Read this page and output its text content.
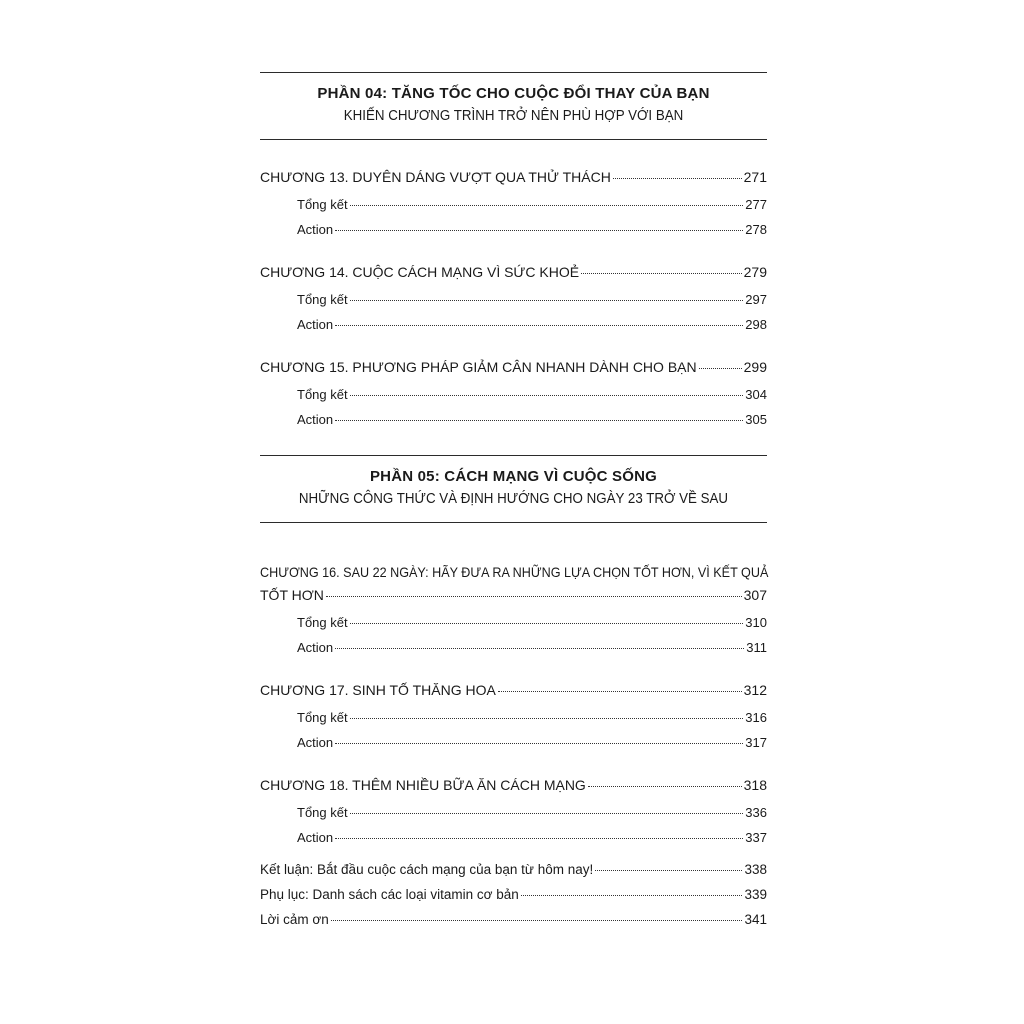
PHẦN 04: TĂNG TỐC CHO CUỘC ĐỔI THAY CỦA BẠN
KHIẾN CHƯƠNG TRÌNH TRỞ NÊN PHÙ HỢP VỚI BẠN
CHƯƠNG 13. DUYÊN DÁNG VƯỢT QUA THỬ THÁCH	271
Tổng kết	277
Action	278
CHƯƠNG 14. CUỘC CÁCH MẠNG VÌ SỨC KHOẺ	279
Tổng kết	297
Action	298
CHƯƠNG 15. PHƯƠNG PHÁP GIẢM CÂN NHANH DÀNH CHO BẠN	299
Tổng kết	304
Action	305
PHẦN 05: CÁCH MẠNG VÌ CUỘC SỐNG
NHỮNG CÔNG THỨC VÀ ĐỊNH HƯỚNG CHO NGÀY 23 TRỞ VỀ SAU
CHƯƠNG 16. SAU 22 NGÀY: HÃY ĐƯA RA NHỮNG LỰA CHỌN TỐT HƠN, VÌ KẾT QUẢ
TỐT HƠN	307
Tổng kết	310
Action	311
CHƯƠNG 17. SINH TỐ THĂNG HOA	312
Tổng kết	316
Action	317
CHƯƠNG 18. THÊM NHIỀU BỮA ĂN CÁCH MẠNG	318
Tổng kết	336
Action	337
Kết luận: Bắt đầu cuộc cách mạng của bạn từ hôm nay!	338
Phụ lục: Danh sách các loại vitamin cơ bản	339
Lời cảm ơn	341
